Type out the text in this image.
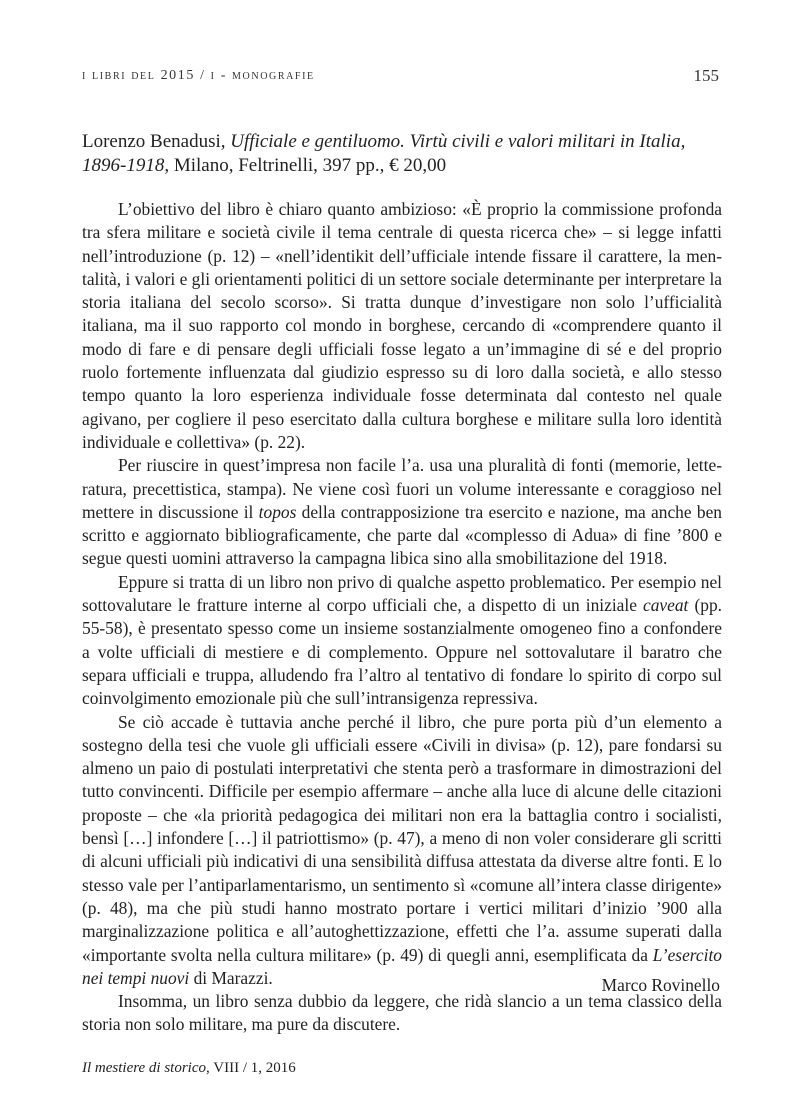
i libri del 2015 / i - monografie	155
Lorenzo Benadusi, Ufficiale e gentiluomo. Virtù civili e valori militari in Italia, 1896-1918, Milano, Feltrinelli, 397 pp., € 20,00

L’obiettivo del libro è chiaro quanto ambizioso: «È proprio la commissione profonda tra sfera militare e società civile il tema centrale di questa ricerca che» – si legge infatti nell’introduzione (p. 12) – «nell’identikit dell’ufficiale intende fissare il carattere, la mentalità, i valori e gli orientamenti politici di un settore sociale determinante per interpretare la storia italiana del secolo scorso». Si tratta dunque d’investigare non solo l’ufficialità italiana, ma il suo rapporto col mondo in borghese, cercando di «comprendere quanto il modo di fare e di pensare degli ufficiali fosse legato a un’immagine di sé e del proprio ruolo fortemente influenzata dal giudizio espresso su di loro dalla società, e allo stesso tempo quanto la loro esperienza individuale fosse determinata dal contesto nel quale agivano, per cogliere il peso esercitato dalla cultura borghese e militare sulla loro identità individuale e collettiva» (p. 22).

Per riuscire in quest’impresa non facile l’a. usa una pluralità di fonti (memorie, letteratura, precettistica, stampa). Ne viene così fuori un volume interessante e coraggioso nel mettere in discussione il topos della contrapposizione tra esercito e nazione, ma anche ben scritto e aggiornato bibliograficamente, che parte dal «complesso di Adua» di fine ’800 e segue questi uomini attraverso la campagna libica sino alla smobilitazione del 1918.

Eppure si tratta di un libro non privo di qualche aspetto problematico. Per esempio nel sottovalutare le fratture interne al corpo ufficiali che, a dispetto di un iniziale caveat (pp. 55-58), è presentato spesso come un insieme sostanzialmente omogeneo fino a confondere a volte ufficiali di mestiere e di complemento. Oppure nel sottovalutare il baratro che separa ufficiali e truppa, alludendo fra l’altro al tentativo di fondare lo spirito di corpo sul coinvolgimento emozionale più che sull’intransigenza repressiva.

Se ciò accade è tuttavia anche perché il libro, che pure porta più d’un elemento a sostegno della tesi che vuole gli ufficiali essere «Civili in divisa» (p. 12), pare fondarsi su almeno un paio di postulati interpretativi che stenta però a trasformare in dimostrazioni del tutto convincenti. Difficile per esempio affermare – anche alla luce di alcune delle citazioni proposte – che «la priorità pedagogica dei militari non era la battaglia contro i socialisti, bensì […] infondere […] il patriottismo» (p. 47), a meno di non voler considerare gli scritti di alcuni ufficiali più indicativi di una sensibilità diffusa attestata da diverse altre fonti. E lo stesso vale per l’antiparlamentarismo, un sentimento sì «comune all’intera classe dirigente» (p. 48), ma che più studi hanno mostrato portare i vertici militari d’inizio ’900 alla marginalizzazione politica e all’autoghettizzazione, effetti che l’a. assume superati dalla «importante svolta nella cultura militare» (p. 49) di quegli anni, esemplificata da L’esercito nei tempi nuovi di Marazzi.

Insomma, un libro senza dubbio da leggere, che ridà slancio a un tema classico della storia non solo militare, ma pure da discutere.

Marco Rovinello
Il mestiere di storico, VIII / 1, 2016
